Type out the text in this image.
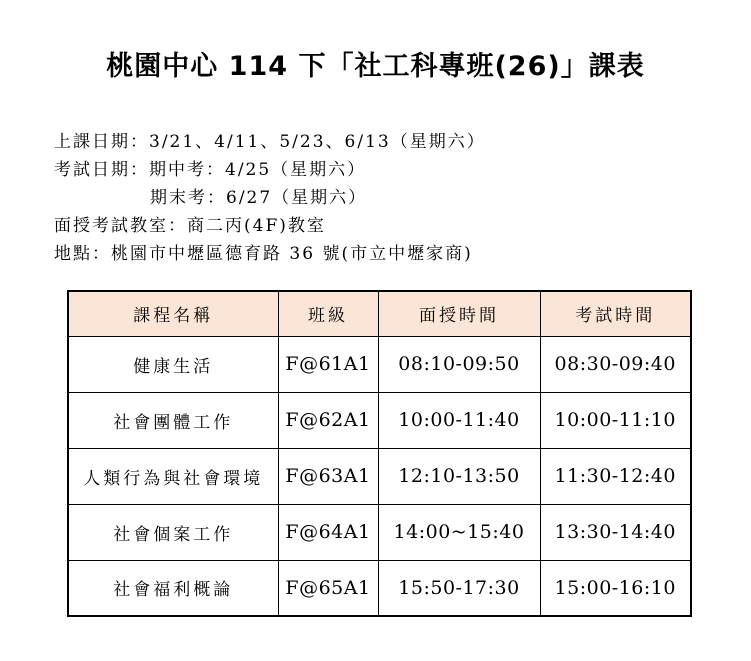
桃園中心 114 下「社工科專班(26)」課表
上課日期：3/21、4/11、5/23、6/13（星期六）
考試日期：期中考：4/25（星期六）
期末考：6/27（星期六）
面授考試教室：商二丙(4F)教室
地點：桃園市中壢區德育路 36 號(市立中壢家商)
課程名稱	班級	面授時間	考試時間
健康生活	F@61A1	08:10-09:50	08:30-09:40
社會團體工作	F@62A1	10:00-11:40	10:00-11:10
人類行為與社會環境	F@63A1	12:10-13:50	11:30-12:40
社會個案工作	F@64A1	14:00~15:40	13:30-14:40
社會福利概論	F@65A1	15:50-17:30	15:00-16:10
